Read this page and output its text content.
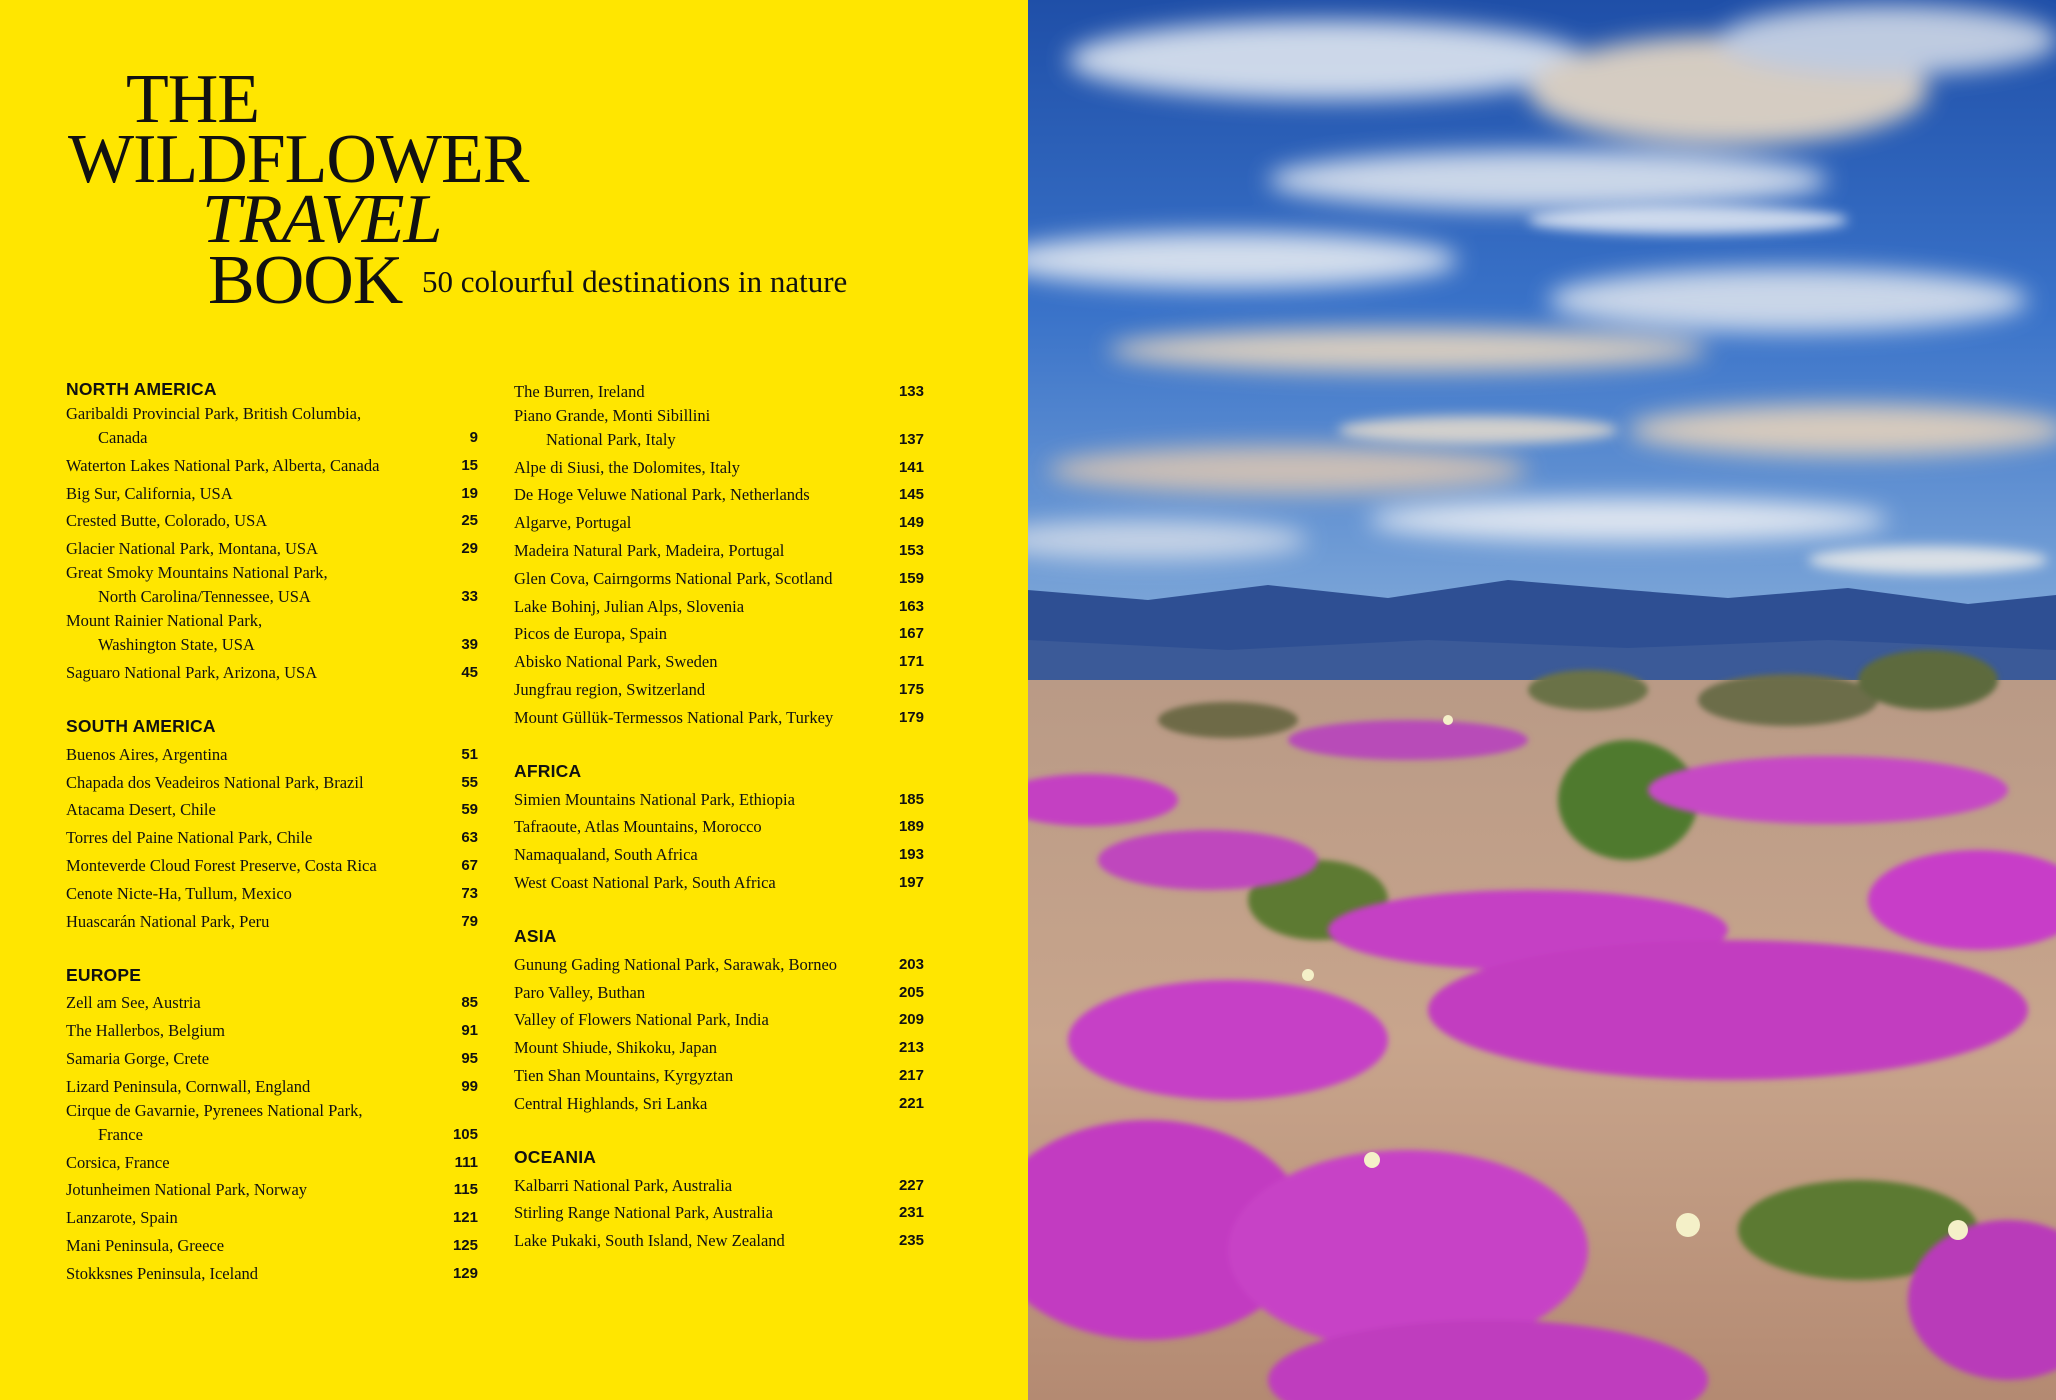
THE
WILDFLOWER
TRAVEL
BOOK 50 colourful destinations in nature
NORTH AMERICA
Garibaldi Provincial Park, British Columbia,
Canada	9
Waterton Lakes National Park, Alberta, Canada	15
Big Sur, California, USA	19
Crested Butte, Colorado, USA	25
Glacier National Park, Montana, USA	29
Great Smoky Mountains National Park,
North Carolina/Tennessee, USA	33
Mount Rainier National Park,
Washington State, USA	39
Saguaro National Park, Arizona, USA	45
SOUTH AMERICA
Buenos Aires, Argentina	51
Chapada dos Veadeiros National Park, Brazil	55
Atacama Desert, Chile	59
Torres del Paine National Park, Chile	63
Monteverde Cloud Forest Preserve, Costa Rica	67
Cenote Nicte-Ha, Tullum, Mexico	73
Huascarán National Park, Peru	79
EUROPE
Zell am See, Austria	85
The Hallerbos, Belgium	91
Samaria Gorge, Crete	95
Lizard Peninsula, Cornwall, England	99
Cirque de Gavarnie, Pyrenees National Park,
France	105
Corsica, France	111
Jotunheimen National Park, Norway	115
Lanzarote, Spain	121
Mani Peninsula, Greece	125
Stokksnes Peninsula, Iceland	129
The Burren, Ireland	133
Piano Grande, Monti Sibillini
National Park, Italy	137
Alpe di Siusi, the Dolomites, Italy	141
De Hoge Veluwe National Park, Netherlands	145
Algarve, Portugal	149
Madeira Natural Park, Madeira, Portugal	153
Glen Cova, Cairngorms National Park, Scotland	159
Lake Bohinj, Julian Alps, Slovenia	163
Picos de Europa, Spain	167
Abisko National Park, Sweden	171
Jungfrau region, Switzerland	175
Mount Güllük-Termessos National Park, Turkey	179
AFRICA
Simien Mountains National Park, Ethiopia	185
Tafraoute, Atlas Mountains, Morocco	189
Namaqualand, South Africa	193
West Coast National Park, South Africa	197
ASIA
Gunung Gading National Park, Sarawak, Borneo	203
Paro Valley, Buthan	205
Valley of Flowers National Park, India	209
Mount Shiude, Shikoku, Japan	213
Tien Shan Mountains, Kyrgyztan	217
Central Highlands, Sri Lanka	221
OCEANIA
Kalbarri National Park, Australia	227
Stirling Range National Park, Australia	231
Lake Pukaki, South Island, New Zealand	235
